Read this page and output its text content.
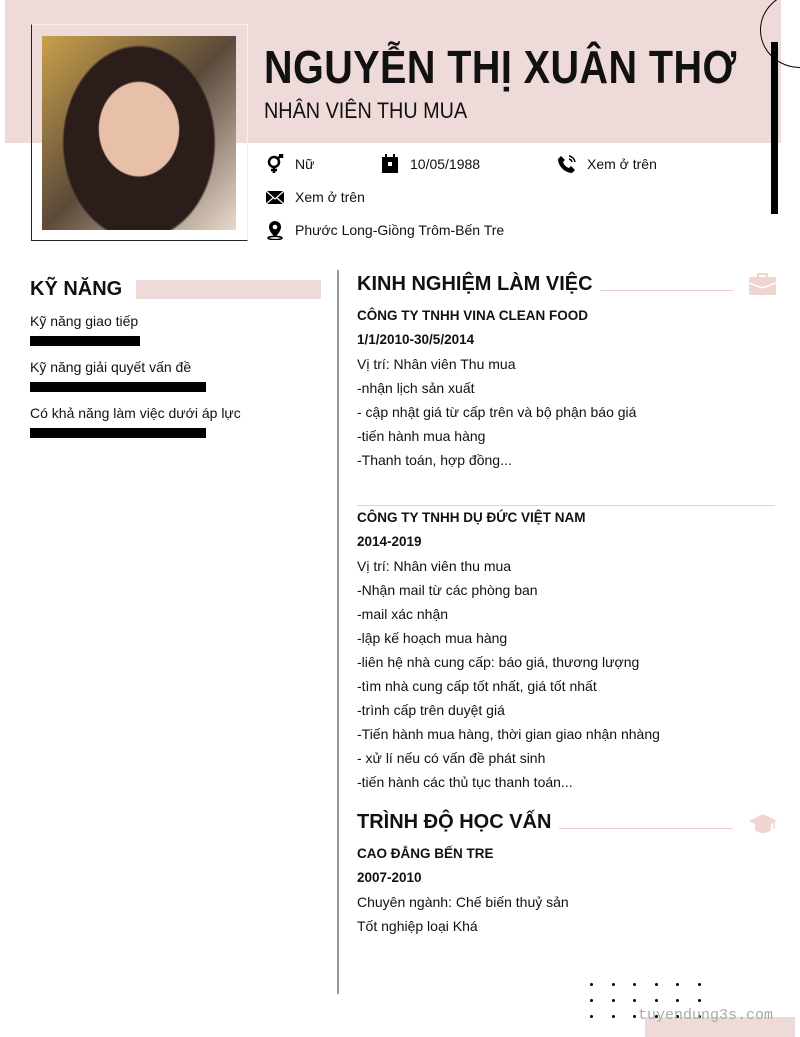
NGUYỄN THỊ XUÂN THƠ
NHÂN VIÊN THU MUA
Nữ	10/05/1988	Xem ở trên
Xem ở trên
Phước Long-Giồng Trôm-Bến Tre
KỸ NĂNG
Kỹ năng giao tiếp
Kỹ năng giải quyết vấn đề
Có khả năng làm việc dưới áp lực
KINH NGHIỆM LÀM VIỆC
CÔNG TY TNHH VINA CLEAN FOOD
1/1/2010-30/5/2014
Vị trí: Nhân viên Thu mua
-nhận lịch sản xuất
- cập nhật giá từ cấp trên và bộ phận báo giá
-tiến hành mua hàng
-Thanh toán, hợp đồng...
CÔNG TY TNHH DỤ ĐỨC VIỆT NAM
2014-2019
Vị trí: Nhân viên thu mua
-Nhận mail từ các phòng ban
-mail xác nhận
-lập kế hoạch mua hàng
-liên hệ nhà cung cấp: báo giá, thương lượng
-tìm nhà cung cấp tốt nhất, giá tốt nhất
-trình cấp trên duyệt giá
-Tiến hành mua hàng, thời gian giao nhận nhàng
- xử lí nếu có vấn đề phát sinh
-tiến hành các thủ tục thanh toán...
TRÌNH ĐỘ HỌC VẤN
CAO ĐẲNG BẾN TRE
2007-2010
Chuyên ngành: Chế biến thuỷ sản
Tốt nghiệp loại Khá
tuyendung3s.com
